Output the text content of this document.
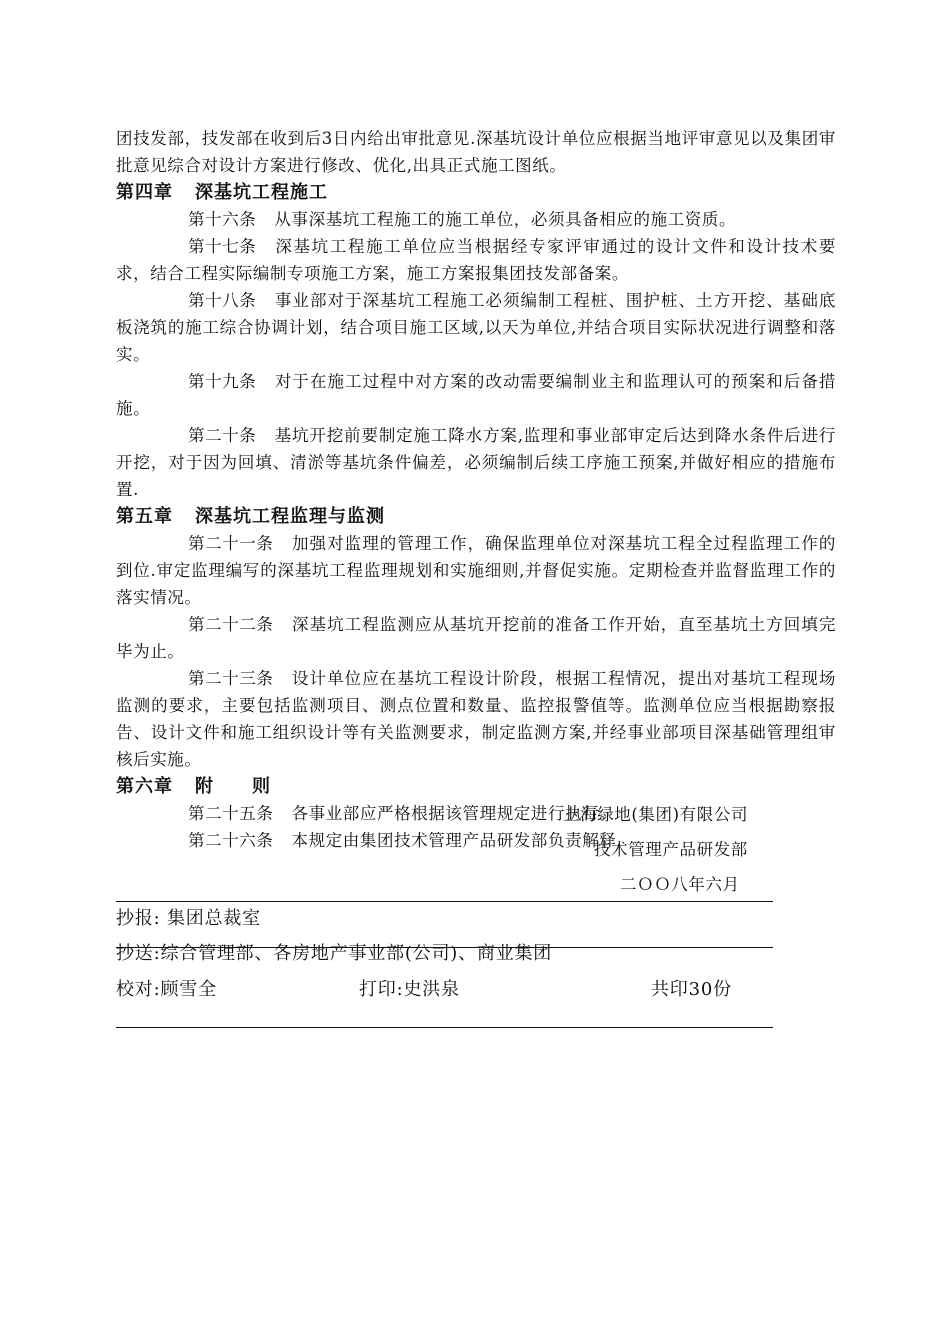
团技发部，技发部在收到后3日内给出审批意见.深基坑设计单位应根据当地评审意见以及集团审批意见综合对设计方案进行修改、优化,出具正式施工图纸。

第四章 深基坑工程施工

第十六条 从事深基坑工程施工的施工单位，必须具备相应的施工资质。

第十七条 深基坑工程施工单位应当根据经专家评审通过的设计文件和设计技术要求，结合工程实际编制专项施工方案，施工方案报集团技发部备案。

第十八条 事业部对于深基坑工程施工必须编制工程桩、围护桩、土方开挖、基础底板浇筑的施工综合协调计划，结合项目施工区域,以天为单位,并结合项目实际状况进行调整和落实。

第十九条 对于在施工过程中对方案的改动需要编制业主和监理认可的预案和后备措施。

第二十条 基坑开挖前要制定施工降水方案,监理和事业部审定后达到降水条件后进行开挖，对于因为回填、清淤等基坑条件偏差，必须编制后续工序施工预案,并做好相应的措施布置.

第五章 深基坑工程监理与监测

第二十一条 加强对监理的管理工作，确保监理单位对深基坑工程全过程监理工作的到位.审定监理编写的深基坑工程监理规划和实施细则,并督促实施。定期检查并监督监理工作的落实情况。

第二十二条 深基坑工程监测应从基坑开挖前的准备工作开始，直至基坑土方回填完毕为止。

第二十三条 设计单位应在基坑工程设计阶段，根据工程情况，提出对基坑工程现场监测的要求，主要包括监测项目、测点位置和数量、监控报警值等。监测单位应当根据勘察报告、设计文件和施工组织设计等有关监测要求，制定监测方案,并经事业部项目深基础管理组审核后实施。

第六章 附　　则

第二十五条 各事业部应严格根据该管理规定进行执行。

第二十六条 本规定由集团技术管理产品研发部负责解释.

上海绿地(集团)有限公司
技术管理产品研发部
二ＯＯ八年六月
抄报: 集团总裁室
抄送:综合管理部、各房地产事业部(公司)、商业集团
校对:顾雪全	打印:史洪泉	共印30份
